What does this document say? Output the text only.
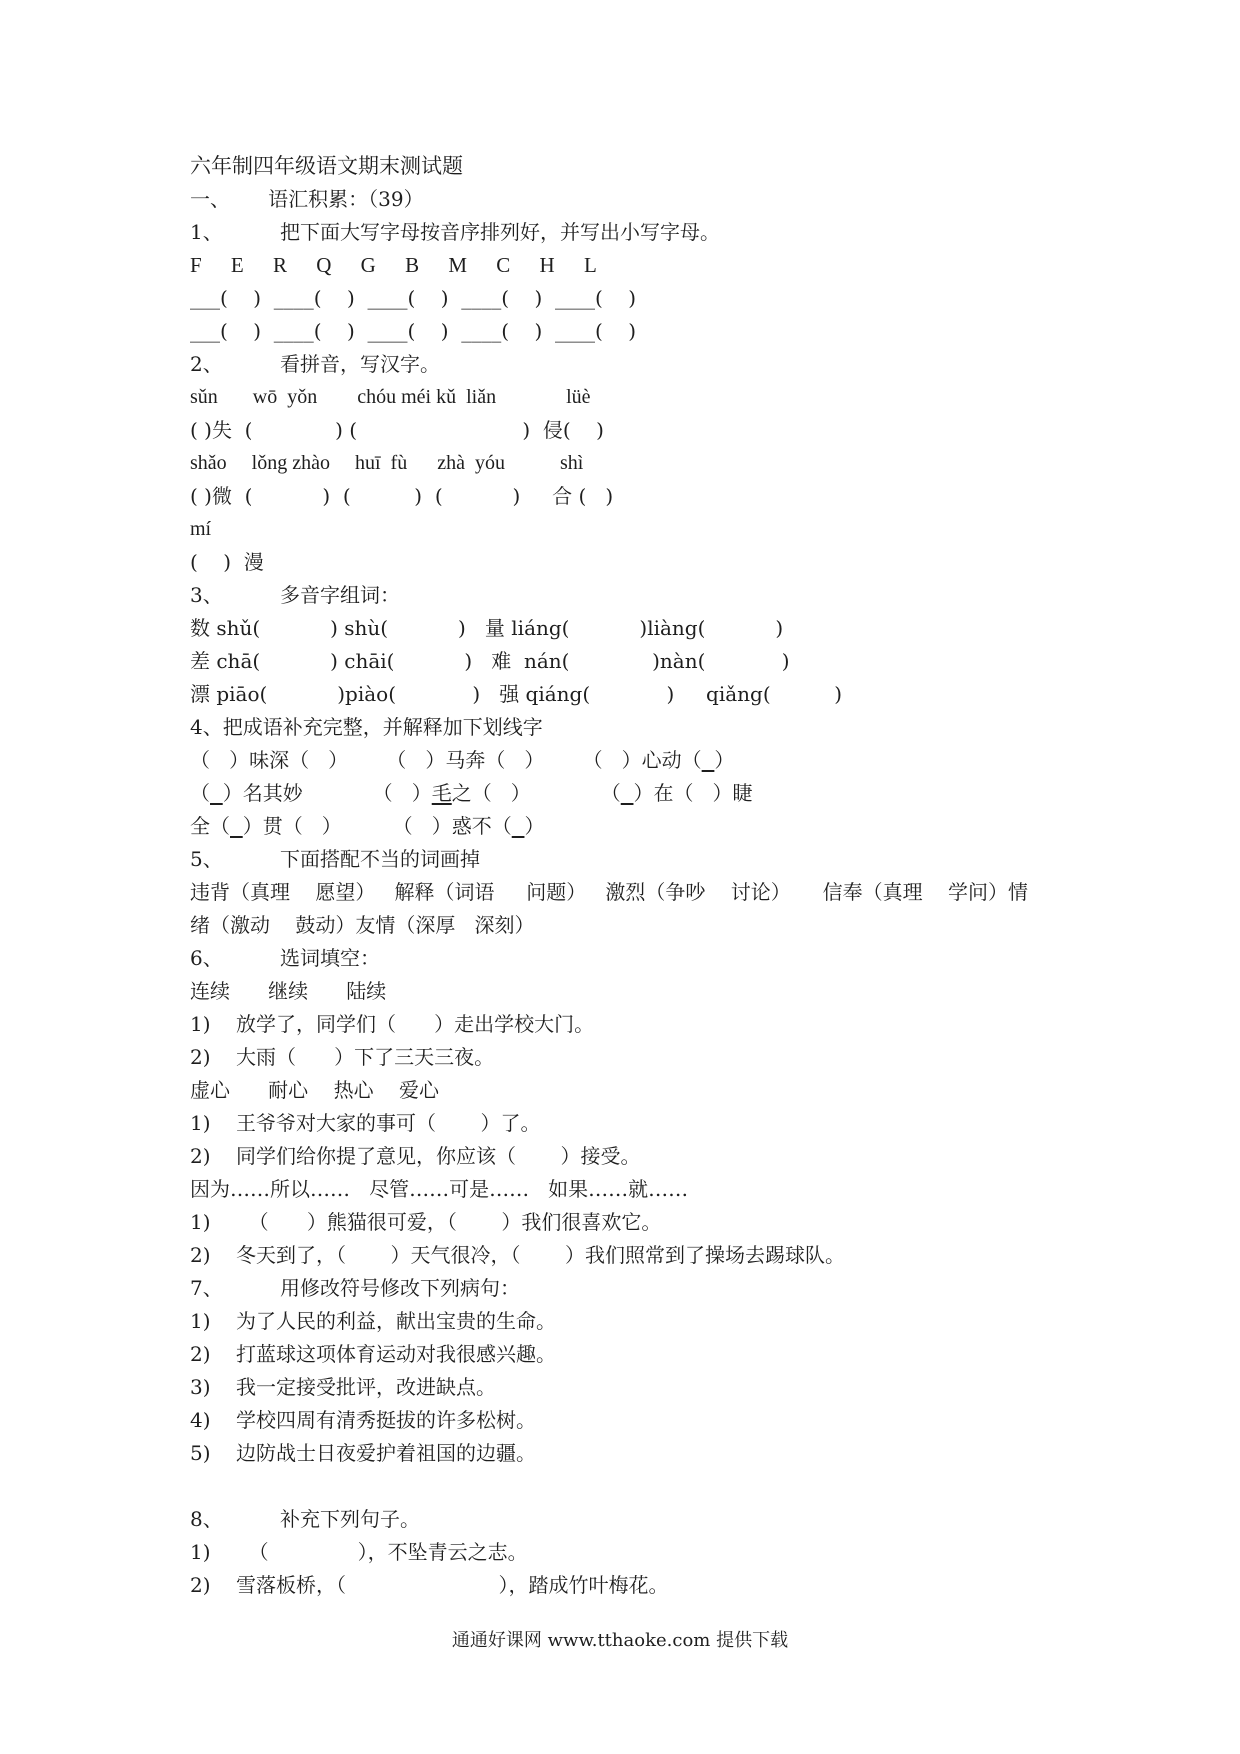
六年制四年级语文期末测试题
一、      语汇积累：（39）
1、         把下面大写字母按音序排列好，并写出小写字母。
F E R Q G B M C H L
___(    )  ____(    )  ____(    )  ____(    )  ____(    )
___(    )  ____(    )  ____(    )  ____(    )  ____(    )
2、         看拼音，写汉字。
sǔn       wō  yǒn        chóu méi kǔ  liǎn              lüè
( )失  (             ) (                          )  侵(    )
shǎo     lǒng zhào     huī  fù      zhà  yóu           shì
( )微  (           )  (          )  (           )     合 (   )
mí
(    )  漫
3、         多音字组词：
数 shǔ(           ) shù(           )   量 liáng(           )liàng(           )
差 chā(           ) chāi(           )   难  nán(             )nàn(            )
漂 piāo(           )piào(            )   强 qiáng(            )     qiǎng(          )
4、把成语补充完整，并解释加下划线字
（   ）味深（   ）      （   ）马奔（   ）      （   ）心动（ ）
（ ）名其妙           （   ）毛之（   ）           （ ）在（   ）睫
全（ ）贯（   ）        （   ）惑不（ ）
5、         下面搭配不当的词画掉
违背（真理    愿望）   解释（词语     问题）   激烈（争吵    讨论）     信奉（真理    学问）情
绪（激动    鼓动）友情（深厚   深刻）
6、         选词填空：
连续      继续      陆续
1)    放学了，同学们（      ）走出学校大门。
2)    大雨（      ）下了三天三夜。
虚心      耐心    热心    爱心
1)    王爷爷对大家的事可（       ）了。
2)    同学们给你提了意见，你应该（       ）接受。
因为……所以……   尽管……可是……   如果……就……
1)      （      ）熊猫很可爱，（       ）我们很喜欢它。
2)    冬天到了，（       ）天气很冷，（       ）我们照常到了操场去踢球队。
7、         用修改符号修改下列病句：
1)    为了人民的利益，献出宝贵的生命。
2)    打蓝球这项体育运动对我很感兴趣。
3)    我一定接受批评，改进缺点。
4)    学校四周有清秀挺拔的许多松树。
5)    边防战士日夜爱护着祖国的边疆。
8、         补充下列句子。
1)      （              ），不坠青云之志。
2)    雪落板桥，（                        ），踏成竹叶梅花。
通通好课网 www.tthaoke.com 提供下载
